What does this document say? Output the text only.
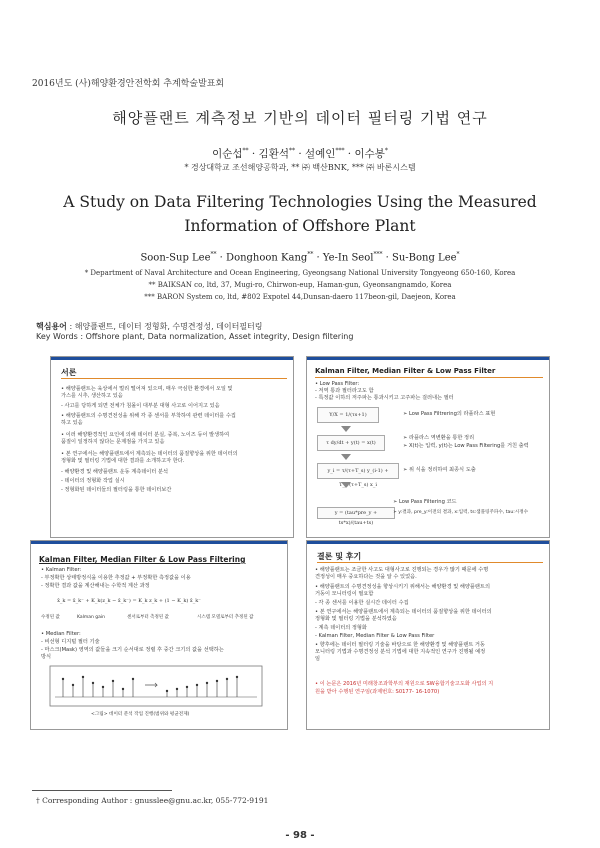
2016년도 (사)해양환경안전학회 추계학술발표회
해양플랜트 계측정보 기반의 데이터 필터링 기법 연구
이순섭** · 김환석** · 설예인*** · 이수봉*
* 경상대학교 조선해양공학과, ** ㈜ 백산BNK, *** ㈜ 바론시스템
A Study on Data Filtering Technologies Using the Measured Information of Offshore Plant
Soon-Sup Lee** · Donghoon Kang** · Ye-In Seol*** · Su-Bong Lee*
* Department of Naval Architecture and Ocean Engineering, Gyeongsang National University Tongyeong 650-160, Korea
** BAIKSAN co, ltd, 37, Mugi-ro, Chirwon-eup, Haman-gun, Gyeonsangnamdo, Korea
*** BARON System co, ltd, #802 Expotel 44,Dunsan-daero 117beon-gil, Daejeon, Korea
핵심용어 : 해양플랜트, 데이터 정형화, 수명견정성, 데이터필터링
Key Words : Offshore plant, Data normalization, Asset integrity, Design filtering
서론
• 해양플랜트는 육상에서 멀리 떨어져 있으며, 매우 극심한 환경에서 오일 및
가스를 시추, 생산하고 있음
- 사고를 당하게 되면 전체가 침몰이 대부분 대형 사고로 이어지고 있음
• 해양플랜트의 수명견전성을 위해 각 종 센서를 부착하여 관련 데이터를 수집
하고 있음
• 이러 해양환경적인 요인에 의해 데이터 분실, 중복, 노이즈 등이 발생하여
품질이 일정하지 않다는 문제점을 가지고 있음
• 본 연구에서는 해양플랜트에서 계측되는 데이터의 품질향상을 위한 데이터의
정형화 및 필터링 기법에 대한 결과를 소개하고자 한다.
- 해양환경 및 해양플랜트 운동 계측데이터 분석
- 데이터의 정형화 작업 실시
- 정형화된 데이터들의 필터링을 통한 데이터보간
Kalman Filter, Median Filter & Low Pass Filter
• Low Pass Filter:
- 저역 통과 필터라고도 함
- 특정값 이하의 저주파는 통과시키고 고주파는 걸러내는 필터
Y/X = 1/(τs+1)	➢ Low Pass Filtrering의 라플라스 표현
τ dy/dt + y(t) = x(t)
➢ 라플라스 역변환을 통한 정리
➢ X(t)는 입력, y(t)는 Low Pass Filtering를 거친 출력
y_i = τ/(τ+T_s) y_(i-1) + T_s/(τ+T_s) x_i
➢ 위 식을 정리하여 최종식 도출
y = (tau*pre_y + ts*x)/(tau+ts)
➢ Low Pass Filtering 코드
➢ y:결과, pre_y:이전의 결과, x:입력, ts:샘플링주파수, tau:시정수
Kalman Filter, Median Filter & Low Pass Filtering
• Kalman Filter:
- 부정확한 상태방정식을 이용한 추정값 + 부정확한 측정값을 이용
- 정확한 결과 값을 계산해내는 수학적 계산 과정
x̂_k = x̂_k⁻ + K_k(z_k − x̂_k⁻) = K_k z_k + (1 − K_k) x̂_k⁻
수정된 값	Kalman gain	센서로부터 측정된 값	시스템 모델로부터 추정된 값
• Median Filter:
- 비선형 디지털 필터 기술
- 마스크(Mask) 영역의 값들을 크기 순서대로 정렬 후 중간 크기의 값을 선택하는
방식
<그림> 데이터 분석 작업 진행(범위와 평균전제)
결론 및 후기
• 해양플랜트는 조금한 사고도 대형사고로 진행되는 경우가 많기 때문에 수명
견정성이 매우 중요하다는 것을 알 수 있었음.
• 해양플랜트의 수명견정성을 향상시키기 위해서는 해양환경 및 해양플랜트의
거동이 모니터링이 필요함
- 각 종 센서를 이용한 실시간 데이터 수집
• 본 연구에서는 해양플랜트에서 계측되는 데이터의 품질향상을 위한 데이터의
정형화 및 필터링 기법을 분석하였음
- 계측 데이터의 정형화
- Kalman Filter, Median Filter & Low Pass Filter
• 향후에는 데이터 필터링 기술을 바탕으로 한 해양환경 및 해양플랜트 거동
모니터링 기법과 수명견정성 분석 기법에 대한 지속적인 연구가 진행될 예정
임
• 이 논문은 2016년 미래창조과학부의 재원으로 SW융합기술고도화 사업의 지
원을 받아 수행된 연구임(과제번호: S0177- 16-1070)
† Corresponding Author : gnusslee@gnu.ac.kr, 055-772-9191
- 98 -
